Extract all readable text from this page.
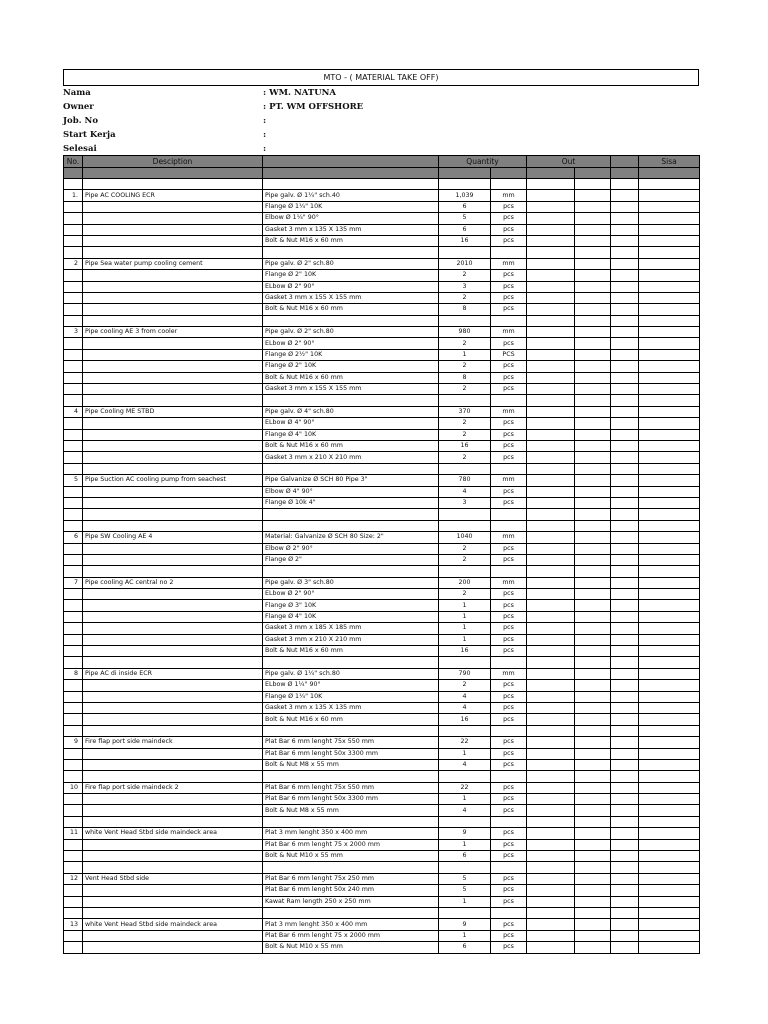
MTO - ( MATERIAL TAKE OFF)
Nama	: WM. NATUNA
Owner	: PT. WM OFFSHORE
Job. No	:
Start Kerja	:
Selesai	:
No.	Desciption		Quantity		Out			Sisa

1.	Pipe AC COOLING ECR	Pipe galv. Ø 1¼" sch.40	1,039	mm				
		Flange Ø 1¼" 10K	6	pcs				
		Elbow Ø 1¼" 90°	5	pcs				
		Gasket 3 mm x 135 X 135 mm	6	pcs				
		Bolt & Nut M16 x 60 mm	16	pcs				

2	Pipe Sea water pump cooling cement	Pipe galv. Ø 2" sch.80	2010	mm				
		Flange Ø 2" 10K	2	pcs				
		ELbow Ø 2" 90°	3	pcs				
		Gasket 3 mm x 155 X 155 mm	2	pcs				
		Bolt & Nut M16 x 60 mm	8	pcs				

3	Pipe cooling AE 3 from cooler	Pipe galv. Ø 2" sch.80	980	mm				
		ELbow Ø 2" 90°	2	pcs				
		Flange Ø 2½" 10K	1	PCS				
		Flange Ø 2" 10K	2	pcs				
		Bolt & Nut M16 x 60 mm	8	pcs				
		Gasket 3 mm x 155 X 155 mm	2	pcs				

4	Pipe Cooling ME STBD	Pipe galv. Ø 4" sch.80	370	mm				
		ELbow Ø 4" 90°	2	pcs				
		Flange Ø 4" 10K	2	pcs				
		Bolt & Nut M16 x 60 mm	16	pcs				
		Gasket 3 mm x 210 X 210 mm	2	pcs				

5	Pipe Suction AC cooling pump from seachest	Pipe Galvanize Ø SCH 80 Pipe 3"	780	mm				
		Elbow Ø 4" 90°	4	pcs				
		Flange Ø 10k 4"	3	pcs				

6	Pipe SW Cooling AE 4	Material: Galvanize Ø SCH 80 Size: 2"	1040	mm				
		Elbow Ø 2" 90°	2	pcs				
		Flange Ø 2"	2	pcs				

7	Pipe cooling AC central no 2	Pipe galv. Ø 3" sch.80	200	mm				
		ELbow Ø 2" 90°	2	pcs				
		Flange Ø 3" 10K	1	pcs				
		Flange Ø 4" 10K	1	pcs				
		Gasket 3 mm x 185 X 185 mm	1	pcs				
		Gasket 3 mm x 210 X 210 mm	1	pcs				
		Bolt & Nut M16 x 60 mm	16	pcs				

8	Pipe AC di inside ECR	Pipe galv. Ø 1¼" sch.80	790	mm				
		ELbow Ø 1¼" 90°	2	pcs				
		Flange Ø 1¼" 10K	4	pcs				
		Gasket 3 mm x 135 X 135 mm	4	pcs				
		Bolt & Nut M16 x 60 mm	16	pcs				

9	Fire flap port side maindeck	Plat Bar 6 mm lenght 75x 550 mm	22	pcs				
		Plat Bar 6 mm lenght 50x 3300 mm	1	pcs				
		Bolt & Nut M8 x 55 mm	4	pcs				

10	Fire flap port side maindeck 2	Plat Bar 6 mm lenght 75x 550 mm	22	pcs				
		Plat Bar 6 mm lenght 50x 3300 mm	1	pcs				
		Bolt & Nut M8 x 55 mm	4	pcs				

11	white Vent Head Stbd side maindeck area	Plat 3 mm lenght 350 x 400 mm	9	pcs				
		Plat Bar 6 mm lenght 75 x 2000 mm	1	pcs				
		Bolt & Nut M10 x 55 mm	6	pcs				

12	Vent Head Stbd side	Plat Bar 6 mm lenght 75x 250 mm	5	pcs				
		Plat Bar 6 mm lenght 50x 240 mm	5	pcs				
		Kawat Ram length 250 x 250 mm	1	pcs				

13	white Vent Head Stbd side maindeck area	Plat 3 mm lenght 350 x 400 mm	9	pcs				
		Plat Bar 6 mm lenght 75 x 2000 mm	1	pcs				
		Bolt & Nut M10 x 55 mm	6	pcs				
